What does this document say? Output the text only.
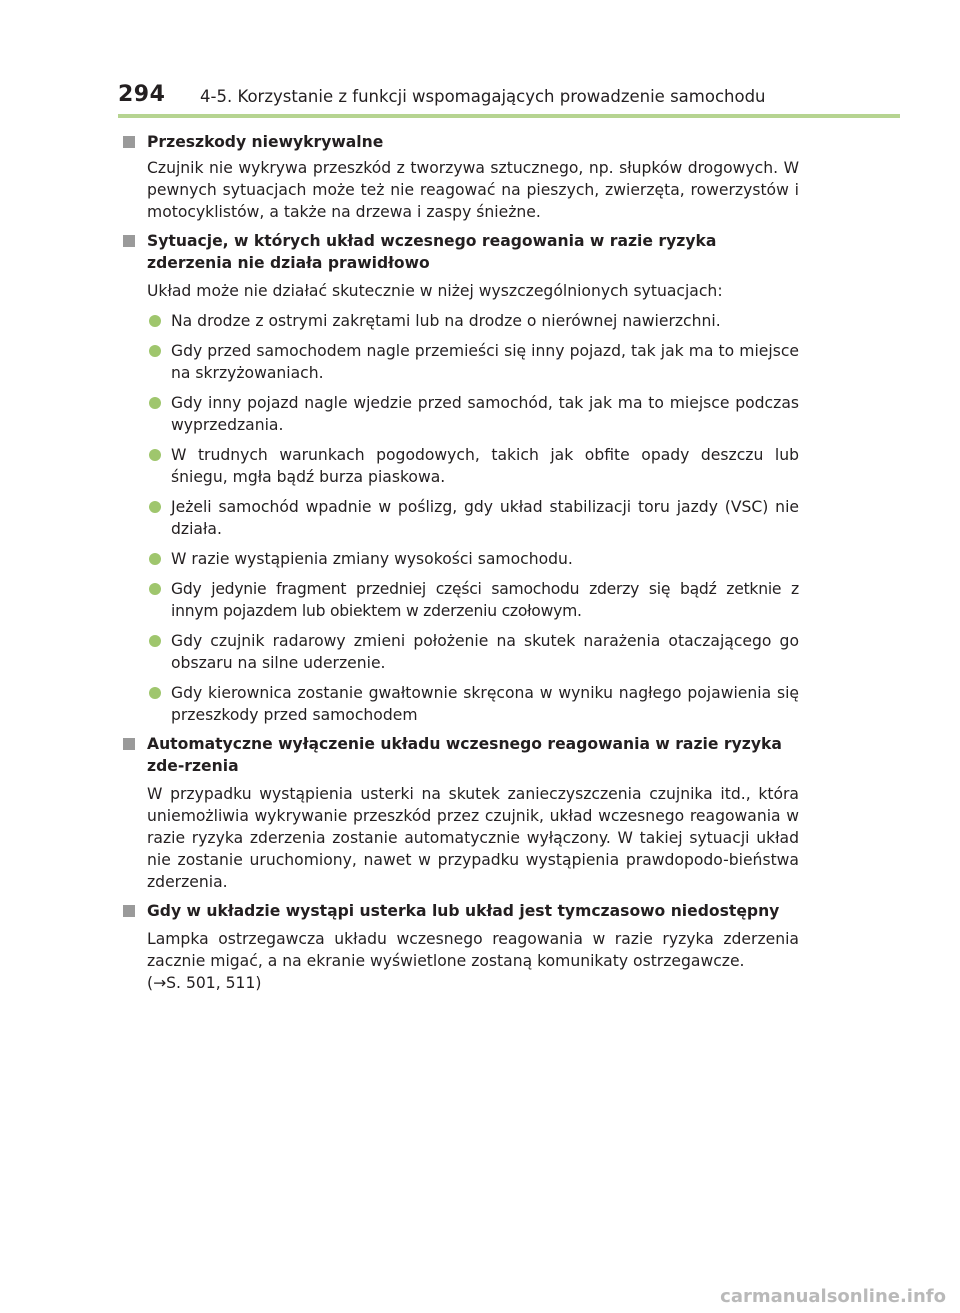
294 4-5. Korzystanie z funkcji wspomagających prowadzenie samochodu
Przeszkody niewykrywalne
Czujnik nie wykrywa przeszkód z tworzywa sztucznego, np. słupków drogowych. W pewnych sytuacjach może też nie reagować na pieszych, zwierzęta, rowerzystów i motocyklistów, a także na drzewa i zaspy śnieżne.
Sytuacje, w których układ wczesnego reagowania w razie ryzyka zderzenia nie działa prawidłowo
Układ może nie działać skutecznie w niżej wyszczególnionych sytuacjach:
Na drodze z ostrymi zakrętami lub na drodze o nierównej nawierzchni.
Gdy przed samochodem nagle przemieści się inny pojazd, tak jak ma to miejsce na skrzyżowaniach.
Gdy inny pojazd nagle wjedzie przed samochód, tak jak ma to miejsce podczas wyprzedzania.
W trudnych warunkach pogodowych, takich jak obfite opady deszczu lub śniegu, mgła bądź burza piaskowa.
Jeżeli samochód wpadnie w poślizg, gdy układ stabilizacji toru jazdy (VSC) nie działa.
W razie wystąpienia zmiany wysokości samochodu.
Gdy jedynie fragment przedniej części samochodu zderzy się bądź zetknie z innym pojazdem lub obiektem w zderzeniu czołowym.
Gdy czujnik radarowy zmieni położenie na skutek narażenia otaczającego go obszaru na silne uderzenie.
Gdy kierownica zostanie gwałtownie skręcona w wyniku nagłego pojawienia się przeszkody przed samochodem
Automatyczne wyłączenie układu wczesnego reagowania w razie ryzyka zde-rzenia
W przypadku wystąpienia usterki na skutek zanieczyszczenia czujnika itd., która uniemożliwia wykrywanie przeszkód przez czujnik, układ wczesnego reagowania w razie ryzyka zderzenia zostanie automatycznie wyłączony. W takiej sytuacji układ nie zostanie uruchomiony, nawet w przypadku wystąpienia prawdopodo-bieństwa zderzenia.
Gdy w układzie wystąpi usterka lub układ jest tymczasowo niedostępny
Lampka ostrzegawcza układu wczesnego reagowania w razie ryzyka zderzenia zacznie migać, a na ekranie wyświetlone zostaną komunikaty ostrzegawcze.
(→S. 501, 511)
carmanualsonline.info
